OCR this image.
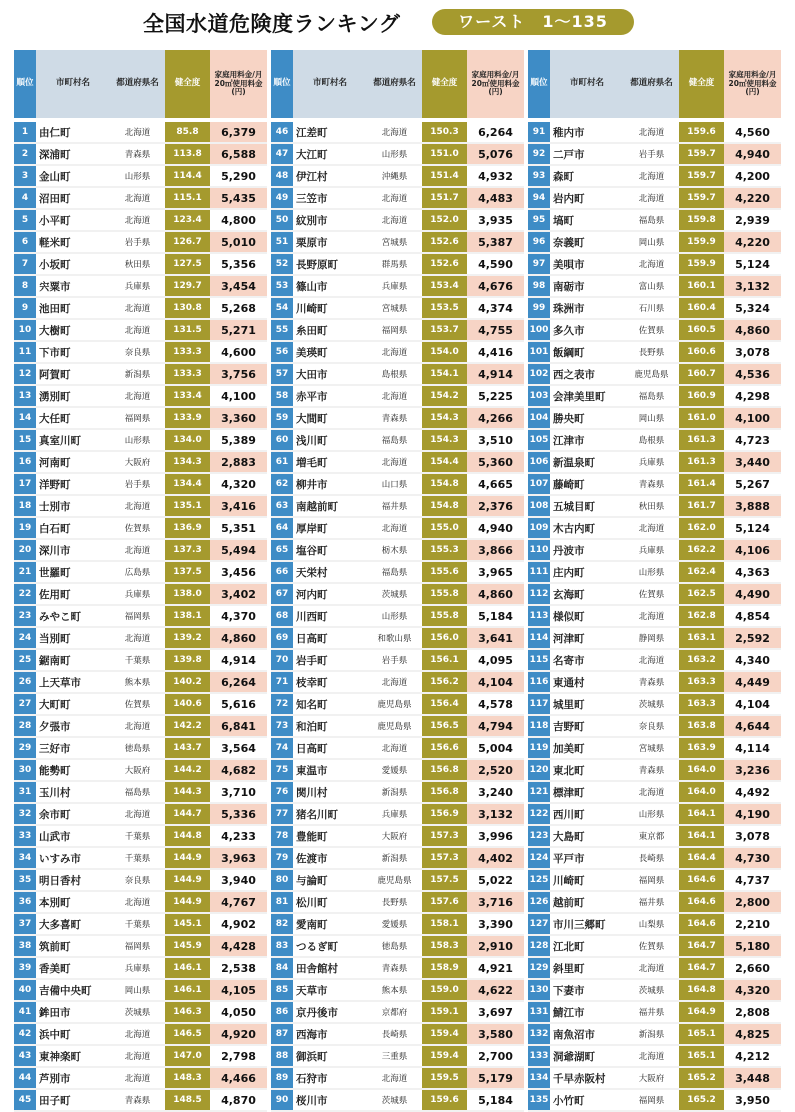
全国水道危険度ランキング	ワースト　1～135
順位	市町村名	都道府県名	健全度	家庭用料金/月20㎥使用料金(円)
1	由仁町	北海道	85.8	6,379
2	深浦町	青森県	113.8	6,588
3	金山町	山形県	114.4	5,290
4	沼田町	北海道	115.1	5,435
5	小平町	北海道	123.4	4,800
6	軽米町	岩手県	126.7	5,010
7	小坂町	秋田県	127.5	5,356
8	宍粟市	兵庫県	129.7	3,454
9	池田町	北海道	130.8	5,268
10	大樹町	北海道	131.5	5,271
11	下市町	奈良県	133.3	4,600
12	阿賀町	新潟県	133.3	3,756
13	湧別町	北海道	133.4	4,100
14	大任町	福岡県	133.9	3,360
15	真室川町	山形県	134.0	5,389
16	河南町	大阪府	134.3	2,883
17	洋野町	岩手県	134.4	4,320
18	士別市	北海道	135.1	3,416
19	白石町	佐賀県	136.9	5,351
20	深川市	北海道	137.3	5,494
21	世羅町	広島県	137.5	3,456
22	佐用町	兵庫県	138.0	3,402
23	みやこ町	福岡県	138.1	4,370
24	当別町	北海道	139.2	4,860
25	鋸南町	千葉県	139.8	4,914
26	上天草市	熊本県	140.2	6,264
27	大町町	佐賀県	140.6	5,616
28	夕張市	北海道	142.2	6,841
29	三好市	徳島県	143.7	3,564
30	能勢町	大阪府	144.2	4,682
31	玉川村	福島県	144.3	3,710
32	余市町	北海道	144.7	5,336
33	山武市	千葉県	144.8	4,233
34	いすみ市	千葉県	144.9	3,963
35	明日香村	奈良県	144.9	3,940
36	本別町	北海道	144.9	4,767
37	大多喜町	千葉県	145.1	4,902
38	筑前町	福岡県	145.9	4,428
39	香美町	兵庫県	146.1	2,538
40	吉備中央町	岡山県	146.1	4,105
41	鉾田市	茨城県	146.3	4,050
42	浜中町	北海道	146.5	4,920
43	東神楽町	北海道	147.0	2,798
44	芦別市	北海道	148.3	4,466
45	田子町	青森県	148.5	4,870
順位	市町村名	都道府県名	健全度	家庭用料金/月20㎥使用料金(円)
46	江差町	北海道	150.3	6,264
47	大江町	山形県	151.0	5,076
48	伊江村	沖縄県	151.4	4,932
49	三笠市	北海道	151.7	4,483
50	紋別市	北海道	152.0	3,935
51	栗原市	宮城県	152.6	5,387
52	長野原町	群馬県	152.6	4,590
53	篠山市	兵庫県	153.4	4,676
54	川崎町	宮城県	153.5	4,374
55	糸田町	福岡県	153.7	4,755
56	美瑛町	北海道	154.0	4,416
57	大田市	島根県	154.1	4,914
58	赤平市	北海道	154.2	5,225
59	大間町	青森県	154.3	4,266
60	浅川町	福島県	154.3	3,510
61	増毛町	北海道	154.4	5,360
62	柳井市	山口県	154.8	4,665
63	南越前町	福井県	154.8	2,376
64	厚岸町	北海道	155.0	4,940
65	塩谷町	栃木県	155.3	3,866
66	天栄村	福島県	155.6	3,965
67	河内町	茨城県	155.8	4,860
68	川西町	山形県	155.8	5,184
69	日高町	和歌山県	156.0	3,641
70	岩手町	岩手県	156.1	4,095
71	枝幸町	北海道	156.2	4,104
72	知名町	鹿児島県	156.4	4,578
73	和泊町	鹿児島県	156.5	4,794
74	日高町	北海道	156.6	5,004
75	東温市	愛媛県	156.8	2,520
76	関川村	新潟県	156.8	3,240
77	猪名川町	兵庫県	156.9	3,132
78	豊能町	大阪府	157.3	3,996
79	佐渡市	新潟県	157.3	4,402
80	与論町	鹿児島県	157.5	5,022
81	松川町	長野県	157.6	3,716
82	愛南町	愛媛県	158.1	3,390
83	つるぎ町	徳島県	158.3	2,910
84	田舎館村	青森県	158.9	4,921
85	天草市	熊本県	159.0	4,622
86	京丹後市	京都府	159.1	3,697
87	西海市	長崎県	159.4	3,580
88	御浜町	三重県	159.4	2,700
89	石狩市	北海道	159.5	5,179
90	桜川市	茨城県	159.6	5,184
順位	市町村名	都道府県名	健全度	家庭用料金/月20㎥使用料金(円)
91	稚内市	北海道	159.6	4,560
92	二戸市	岩手県	159.7	4,940
93	森町	北海道	159.7	4,200
94	岩内町	北海道	159.7	4,220
95	塙町	福島県	159.8	2,939
96	奈義町	岡山県	159.9	4,220
97	美唄市	北海道	159.9	5,124
98	南砺市	富山県	160.1	3,132
99	珠洲市	石川県	160.4	5,324
100	多久市	佐賀県	160.5	4,860
101	飯綱町	長野県	160.6	3,078
102	西之表市	鹿児島県	160.7	4,536
103	会津美里町	福島県	160.9	4,298
104	勝央町	岡山県	161.0	4,100
105	江津市	島根県	161.3	4,723
106	新温泉町	兵庫県	161.3	3,440
107	藤崎町	青森県	161.4	5,267
108	五城目町	秋田県	161.7	3,888
109	木古内町	北海道	162.0	5,124
110	丹波市	兵庫県	162.2	4,106
111	庄内町	山形県	162.4	4,363
112	玄海町	佐賀県	162.5	4,490
113	様似町	北海道	162.8	4,854
114	河津町	静岡県	163.1	2,592
115	名寄市	北海道	163.2	4,340
116	東通村	青森県	163.3	4,449
117	城里町	茨城県	163.3	4,104
118	吉野町	奈良県	163.8	4,644
119	加美町	宮城県	163.9	4,114
120	東北町	青森県	164.0	3,236
121	標津町	北海道	164.0	4,492
122	西川町	山形県	164.1	4,190
123	大島町	東京都	164.1	3,078
124	平戸市	長崎県	164.4	4,730
125	川崎町	福岡県	164.6	4,737
126	越前町	福井県	164.6	2,800
127	市川三郷町	山梨県	164.6	2,210
128	江北町	佐賀県	164.7	5,180
129	斜里町	北海道	164.7	2,660
130	下妻市	茨城県	164.8	4,320
131	鯖江市	福井県	164.9	2,808
132	南魚沼市	新潟県	165.1	4,825
133	洞爺湖町	北海道	165.1	4,212
134	千早赤阪村	大阪府	165.2	3,448
135	小竹町	福岡県	165.2	3,950
